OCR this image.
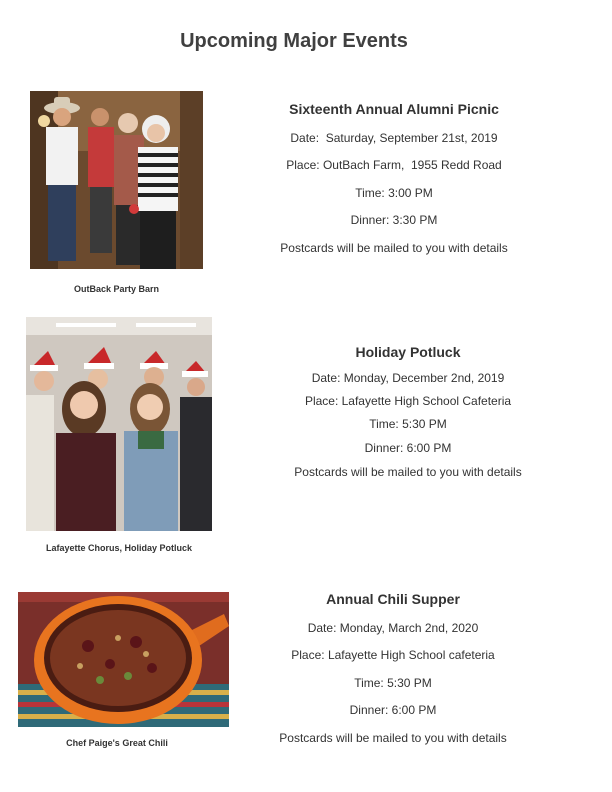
Upcoming Major Events
OutBack Party Barn
Sixteenth Annual Alumni Picnic
Date:  Saturday, September 21st, 2019
Place: OutBach Farm,  1955 Redd Road
Time: 3:00 PM
Dinner: 3:30 PM
Postcards will be mailed to you with details
Lafayette Chorus, Holiday Potluck
Holiday Potluck
Date: Monday, December 2nd, 2019
Place: Lafayette High School Cafeteria
Time: 5:30 PM
Dinner: 6:00 PM
Postcards will be mailed to you with details
Chef Paige's Great Chili
Annual Chili Supper
Date: Monday, March 2nd, 2020
Place: Lafayette High School cafeteria
Time: 5:30 PM
Dinner: 6:00 PM
Postcards will be mailed to you with details
